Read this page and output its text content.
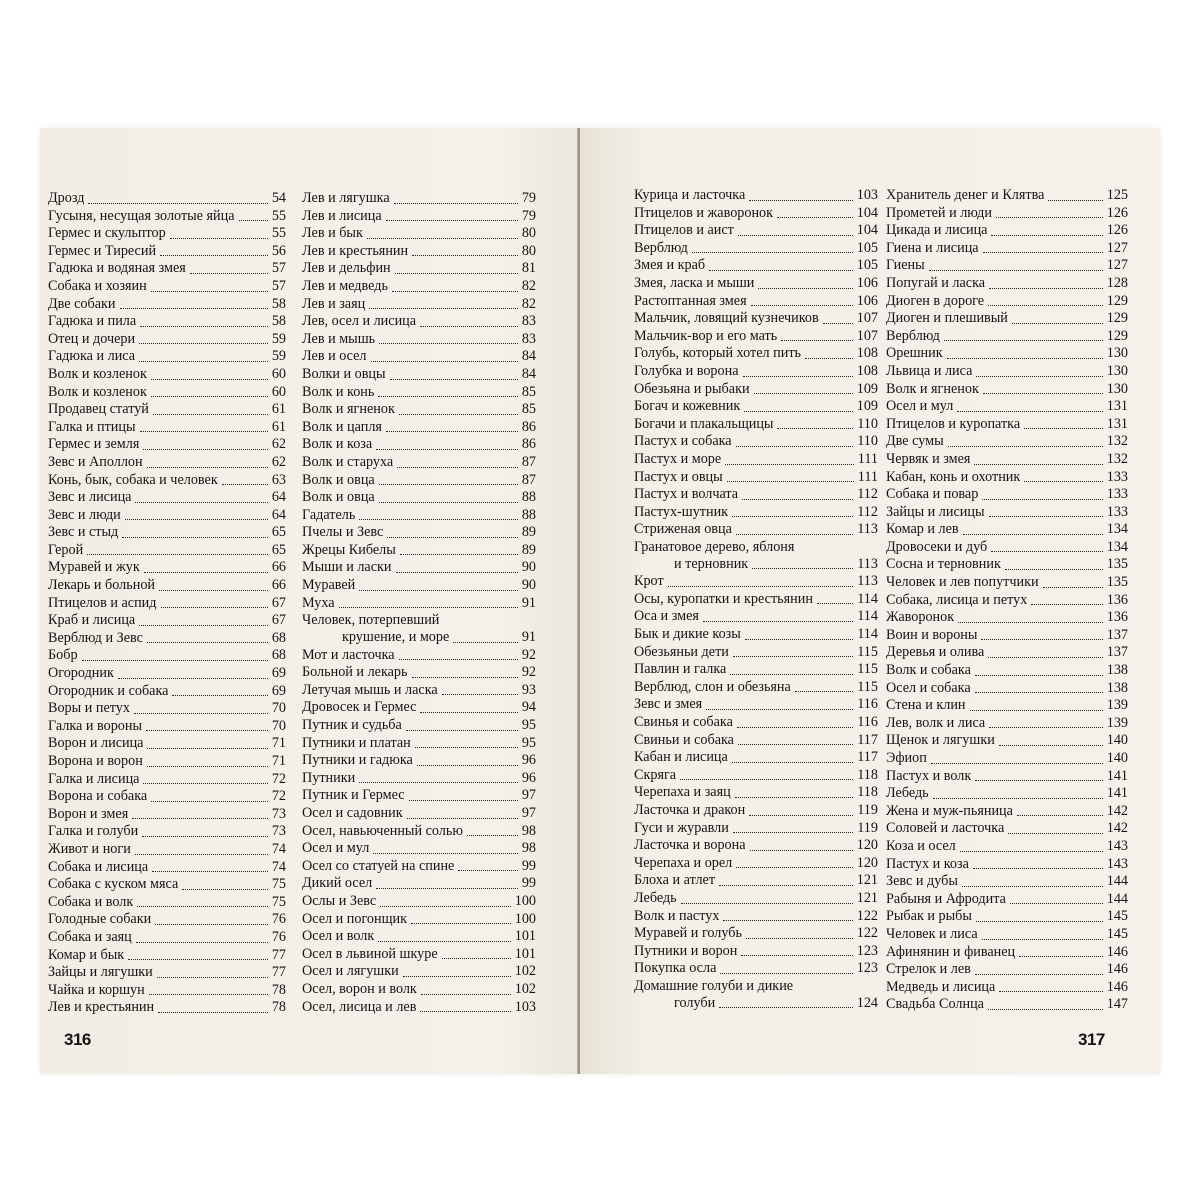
Дрозд	54
Гусыня, несущая золотые яйца	55
Гермес и скульптор	55
Гермес и Тиресий	56
Гадюка и водяная змея	57
Собака и хозяин	57
Две собаки	58
Гадюка и пила	58
Отец и дочери	59
Гадюка и лиса	59
Волк и козленок	60
Волк и козленок	60
Продавец статуй	61
Галка и птицы	61
Гермес и земля	62
Зевс и Аполлон	62
Конь, бык, собака и человек	63
Зевс и лисица	64
Зевс и люди	64
Зевс и стыд	65
Герой	65
Муравей и жук	66
Лекарь и больной	66
Птицелов и аспид	67
Краб и лисица	67
Верблюд и Зевс	68
Бобр	68
Огородник	69
Огородник и собака	69
Воры и петух	70
Галка и вороны	70
Ворон и лисица	71
Ворона и ворон	71
Галка и лисица	72
Ворона и собака	72
Ворон и змея	73
Галка и голуби	73
Живот и ноги	74
Собака и лисица	74
Собака с куском мяса	75
Собака и волк	75
Голодные собаки	76
Собака и заяц	76
Комар и бык	77
Зайцы и лягушки	77
Чайка и коршун	78
Лев и крестьянин	78
Лев и лягушка	79
Лев и лисица	79
Лев и бык	80
Лев и крестьянин	80
Лев и дельфин	81
Лев и медведь	82
Лев и заяц	82
Лев, осел и лисица	83
Лев и мышь	83
Лев и осел	84
Волки и овцы	84
Волк и конь	85
Волк и ягненок	85
Волк и цапля	86
Волк и коза	86
Волк и старуха	87
Волк и овца	87
Волк и овца	88
Гадатель	88
Пчелы и Зевс	89
Жрецы Кибелы	89
Мыши и ласки	90
Муравей	90
Муха	91
Человек, потерпевший
крушение, и море	91
Мот и ласточка	92
Больной и лекарь	92
Летучая мышь и ласка	93
Дровосек и Гермес	94
Путник и судьба	95
Путники и платан	95
Путники и гадюка	96
Путники	96
Путник и Гермес	97
Осел и садовник	97
Осел, навьюченный солью	98
Осел и мул	98
Осел со статуей на спине	99
Дикий осел	99
Ослы и Зевс	100
Осел и погонщик	100
Осел и волк	101
Осел в львиной шкуре	101
Осел и лягушки	102
Осел, ворон и волк	102
Осел, лисица и лев	103
316
Курица и ласточка	103
Птицелов и жаворонок	104
Птицелов и аист	104
Верблюд	105
Змея и краб	105
Змея, ласка и мыши	106
Растоптанная змея	106
Мальчик, ловящий кузнечиков	107
Мальчик-вор и его мать	107
Голубь, который хотел пить	108
Голубка и ворона	108
Обезьяна и рыбаки	109
Богач и кожевник	109
Богачи и плакальщицы	110
Пастух и собака	110
Пастух и море	111
Пастух и овцы	111
Пастух и волчата	112
Пастух-шутник	112
Стриженая овца	113
Гранатовое дерево, яблоня
и терновник	113
Крот	113
Осы, куропатки и крестьянин	114
Оса и змея	114
Бык и дикие козы	114
Обезьяньи дети	115
Павлин и галка	115
Верблюд, слон и обезьяна	115
Зевс и змея	116
Свинья и собака	116
Свиньи и собака	117
Кабан и лисица	117
Скряга	118
Черепаха и заяц	118
Ласточка и дракон	119
Гуси и журавли	119
Ласточка и ворона	120
Черепаха и орел	120
Блоха и атлет	121
Лебедь	121
Волк и пастух	122
Муравей и голубь	122
Путники и ворон	123
Покупка осла	123
Домашние голуби и дикие
голуби	124
Хранитель денег и Клятва	125
Прометей и люди	126
Цикада и лисица	126
Гиена и лисица	127
Гиены	127
Попугай и ласка	128
Диоген в дороге	129
Диоген и плешивый	129
Верблюд	129
Орешник	130
Львица и лиса	130
Волк и ягненок	130
Осел и мул	131
Птицелов и куропатка	131
Две сумы	132
Червяк и змея	132
Кабан, конь и охотник	133
Собака и повар	133
Зайцы и лисицы	133
Комар и лев	134
Дровосеки и дуб	134
Сосна и терновник	135
Человек и лев попутчики	135
Собака, лисица и петух	136
Жаворонок	136
Воин и вороны	137
Деревья и олива	137
Волк и собака	138
Осел и собака	138
Стена и клин	139
Лев, волк и лиса	139
Щенок и лягушки	140
Эфиоп	140
Пастух и волк	141
Лебедь	141
Жена и муж-пьяница	142
Соловей и ласточка	142
Коза и осел	143
Пастух и коза	143
Зевс и дубы	144
Рабыня и Афродита	144
Рыбак и рыбы	145
Человек и лиса	145
Афинянин и фиванец	146
Стрелок и лев	146
Медведь и лисица	146
Свадьба Солнца	147
317
